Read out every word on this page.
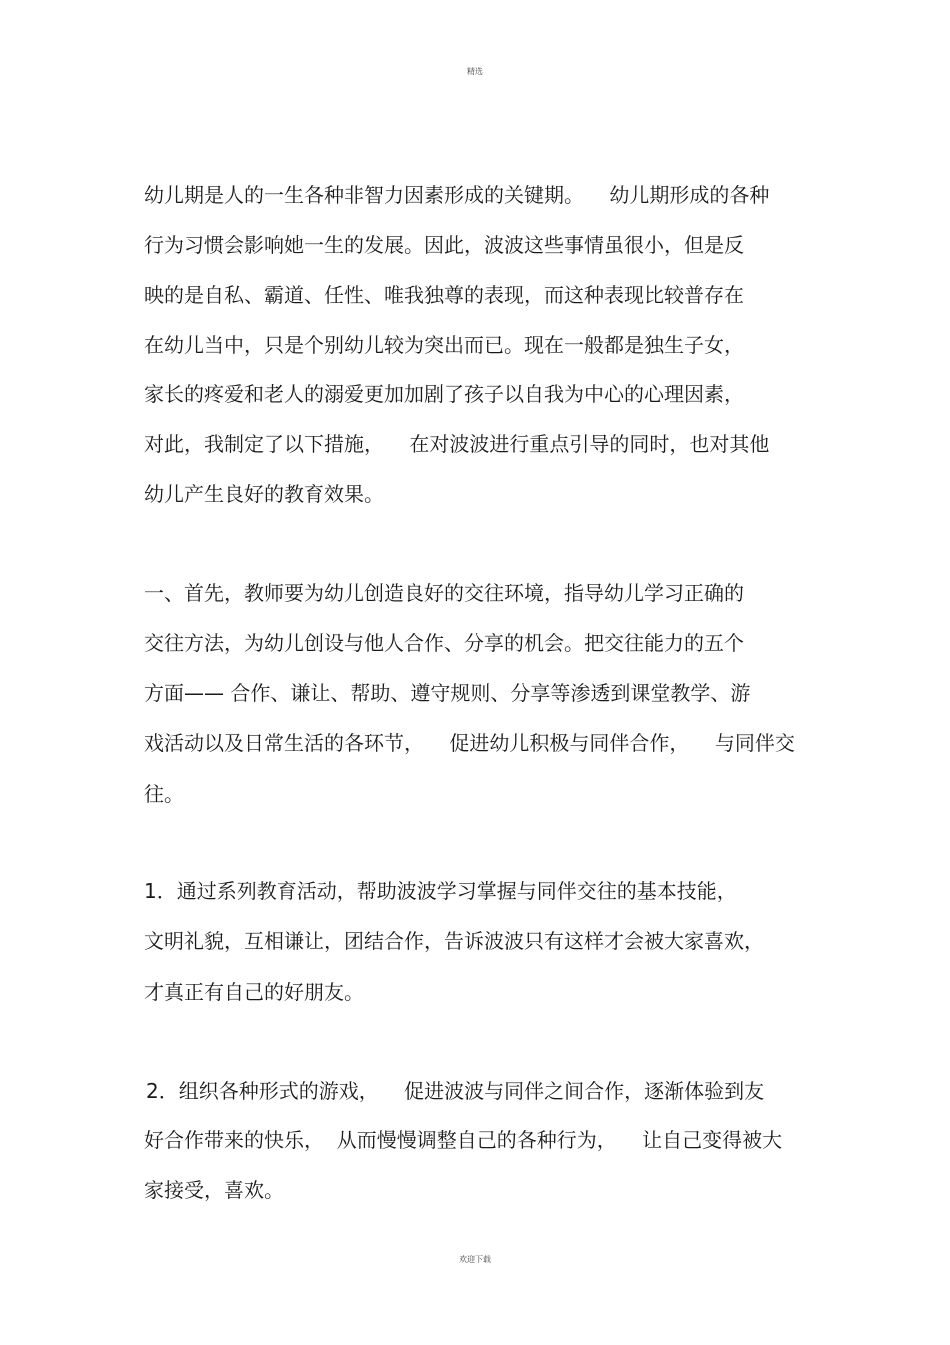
精选
幼儿期是人的一生各种非智力因素形成的关键期。    幼儿期形成的各种
行为习惯会影响她一生的发展。因此，波波这些事情虽很小，但是反
映的是自私、霸道、任性、唯我独尊的表现，而这种表现比较普存在
在幼儿当中，只是个别幼儿较为突出而已。现在一般都是独生子女，
家长的疼爱和老人的溺爱更加加剧了孩子以自我为中心的心理因素，
对此，我制定了以下措施，    在对波波进行重点引导的同时，也对其他
幼儿产生良好的教育效果。
一、首先，教师要为幼儿创造良好的交往环境，指导幼儿学习正确的
交往方法，为幼儿创设与他人合作、分享的机会。把交往能力的五个
方面—— 合作、谦让、帮助、遵守规则、分享等渗透到课堂教学、游
戏活动以及日常生活的各环节，    促进幼儿积极与同伴合作，    与同伴交
往。
1．通过系列教育活动，帮助波波学习掌握与同伴交往的基本技能，
文明礼貌，互相谦让，团结合作，告诉波波只有这样才会被大家喜欢，
才真正有自己的好朋友。
2．组织各种形式的游戏，    促进波波与同伴之间合作，逐渐体验到友
好合作带来的快乐，  从而慢慢调整自己的各种行为，    让自己变得被大
家接受，喜欢。
欢迎下载
